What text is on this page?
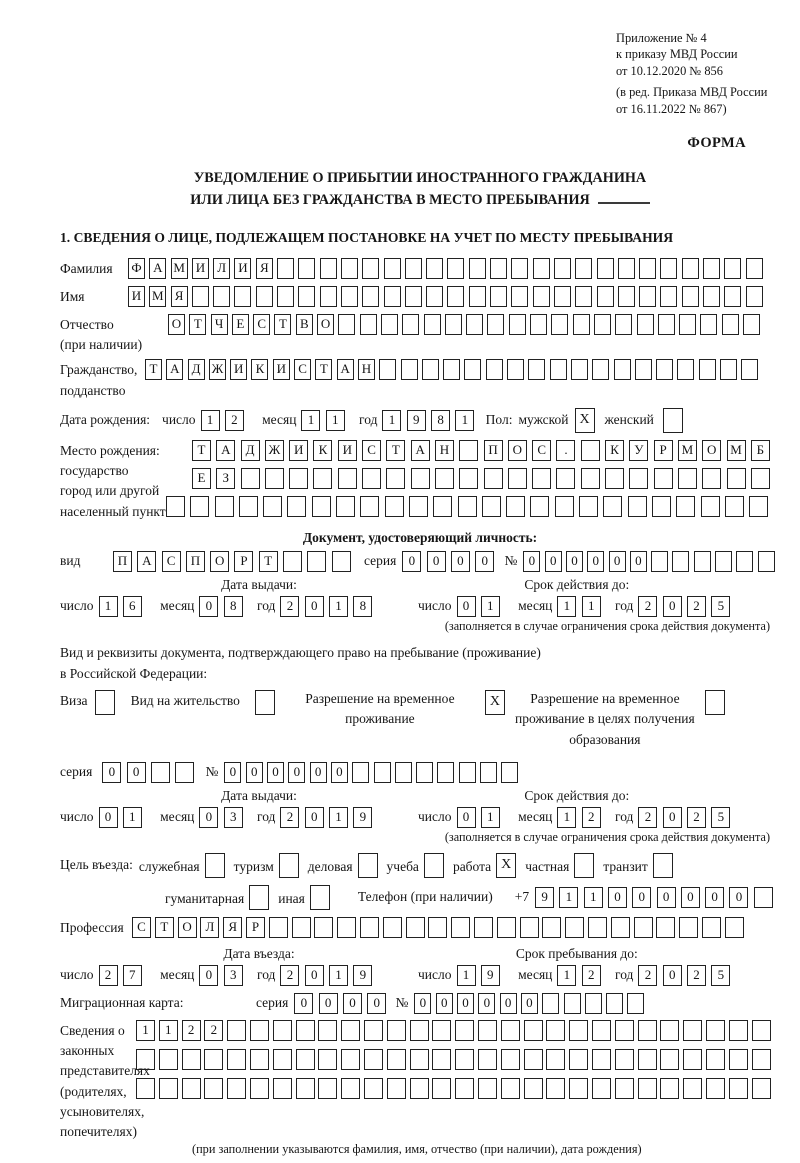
Приложение № 4

к приказу МВД России

от 10.12.2020 № 856

(в ред. Приказа МВД России

от 16.11.2022 № 867)

ФОРМА
УВЕДОМЛЕНИЕ О ПРИБЫТИИ ИНОСТРАННОГО ГРАЖДАНИНА
ИЛИ ЛИЦА БЕЗ ГРАЖДАНСТВА В МЕСТО ПРЕБЫВАНИЯ
1. СВЕДЕНИЯ О ЛИЦЕ, ПОДЛЕЖАЩЕМ ПОСТАНОВКЕ НА УЧЕТ ПО МЕСТУ ПРЕБЫВАНИЯ
Фамилия	Ф А М И Л И Я
Имя	И М Я
Отчество
(при наличии)
О Т	Ч	Е С Т В О
Гражданство,
подданство
Т А Д Ж И К И С Т А Н
Дата рождения: число 1	2	месяц 1	1	год 1	9	8	1	Пол: мужской X	женский
Место рождения:
государство
город или другой
населенный пункт
Т	А	Д	Ж	И	К	И	С	Т	А	Н	П	О	С	.	К	У	Р	М	О	М	Б
Е	З
Документ, удостоверяющий личность:
вид	П	А	С	П	О	Р	Т	серия 0	0	0	0	№ 0	0	0	0	0	0
Дата выдачи:
число 1	6	месяц 0	8	год 2	0	1	8
Срок действия до:
число 0	1	месяц 1	1	год 2	0	2	5
(заполняется в случае ограничения срока действия документа)
Вид и реквизиты документа, подтверждающего право на пребывание (проживание)
в Российской Федерации:
Виза	Вид на жительство	Разрешение на временное проживание
X	Разрешение на временное проживание в целях получения образования
серия	0	0	№ 0	0	0	0	0	0
Дата выдачи:
число 0	1	месяц 0	3	год 2	0	1	9
Срок действия до:
число 0	1	месяц 1	2	год 2	0	2	5
(заполняется в случае ограничения срока действия документа)
Цель въезда: служебная	туризм	деловая	учеба	работа X	частная	транзит
гуманитарная	иная	Телефон (при наличии) +7 9	1	1	0	0	0	0	0	0
Профессия	С	Т	О	Л	Я	Р
Дата въезда:
число 2	7	месяц 0	3	год 2	0	1	9
Срок пребывания до:
число 1	9	месяц 1	2	год 2	0	2	5
Миграционная карта:	серия 0	0	0	0	№ 0	0	0	0	0	0
Сведения о
законных
представителях
(родителях,
усыновителях,
попечителях)
1	1	2	2
(при заполнении указываются фамилия, имя, отчество (при наличии), дата рождения)
